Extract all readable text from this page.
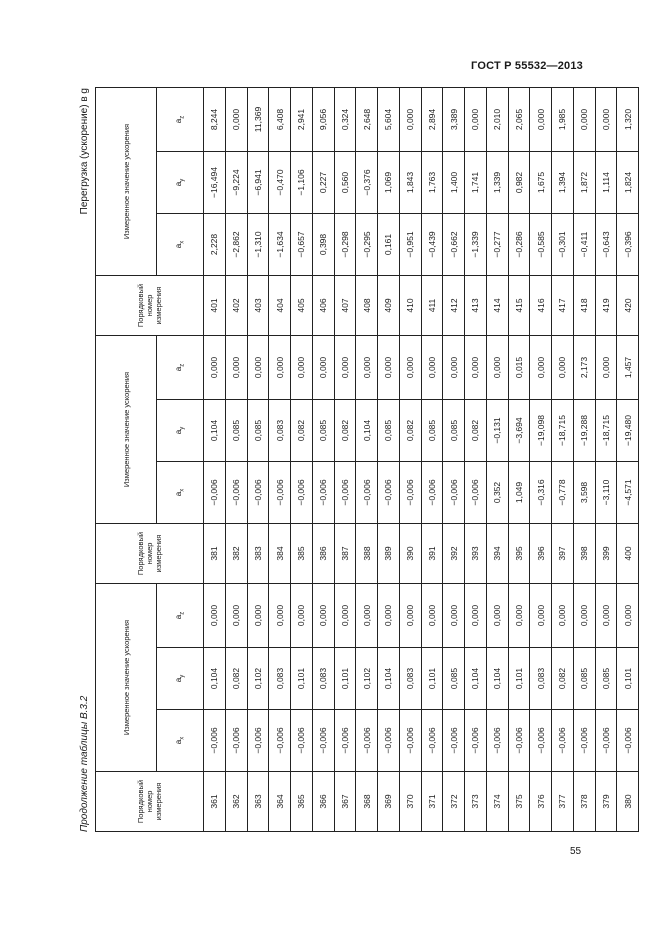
ГОСТ Р 55532—2013
Продолжение таблицы В.3.2
Перегрузка (ускорение) в g
Порядковый номер измерения	Измеренное значение ускорения			Порядковый номер измерения	Измеренное значение ускорения			Порядковый номер измерения	Измеренное значение ускорения		
	$a_x$	$a_y$	$a_z$		$a_x$	$a_y$	$a_z$		$a_x$	$a_y$	$a_z$
361	−0,006	0,104	0,000	381	−0,006	0,104	0,000	401	2,228	−16,494	8,244
362	−0,006	0,082	0,000	382	−0,006	0,085	0,000	402	−2,862	−9,224	0,000
363	−0,006	0,102	0,000	383	−0,006	0,085	0,000	403	−1,310	−6,941	11,369
364	−0,006	0,083	0,000	384	−0,006	0,083	0,000	404	−1,634	−0,470	6,408
365	−0,006	0,101	0,000	385	−0,006	0,082	0,000	405	−0,657	−1,106	2,941
366	−0,006	0,083	0,000	386	−0,006	0,085	0,000	406	0,398	0,227	9,056
367	−0,006	0,101	0,000	387	−0,006	0,082	0,000	407	−0,298	0,560	0,324
368	−0,006	0,102	0,000	388	−0,006	0,104	0,000	408	−0,295	−0,376	2,648
369	−0,006	0,104	0,000	389	−0,006	0,085	0,000	409	0,161	1,069	5,604
370	−0,006	0,083	0,000	390	−0,006	0,082	0,000	410	−0,951	1,843	0,000
371	−0,006	0,101	0,000	391	−0,006	0,085	0,000	411	−0,439	1,763	2,894
372	−0,006	0,085	0,000	392	−0,006	0,085	0,000	412	−0,662	1,400	3,389
373	−0,006	0,104	0,000	393	−0,006	0,082	0,000	413	−1,339	1,741	0,000
374	−0,006	0,104	0,000	394	0,352	−0,131	0,000	414	−0,277	1,339	2,010
375	−0,006	0,101	0,000	395	1,049	−3,694	0,015	415	−0,286	0,982	2,065
376	−0,006	0,083	0,000	396	−0,316	−19,098	0,000	416	−0,585	1,675	0,000
377	−0,006	0,082	0,000	397	−0,778	−18,715	0,000	417	−0,301	1,394	1,985
378	−0,006	0,085	0,000	398	3,598	−19,288	2,173	418	−0,411	1,872	0,000
379	−0,006	0,085	0,000	399	−3,110	−18,715	0,000	419	−0,643	1,114	0,000
380	−0,006	0,101	0,000	400	−4,571	−19,480	1,457	420	−0,396	1,824	1,320
55
